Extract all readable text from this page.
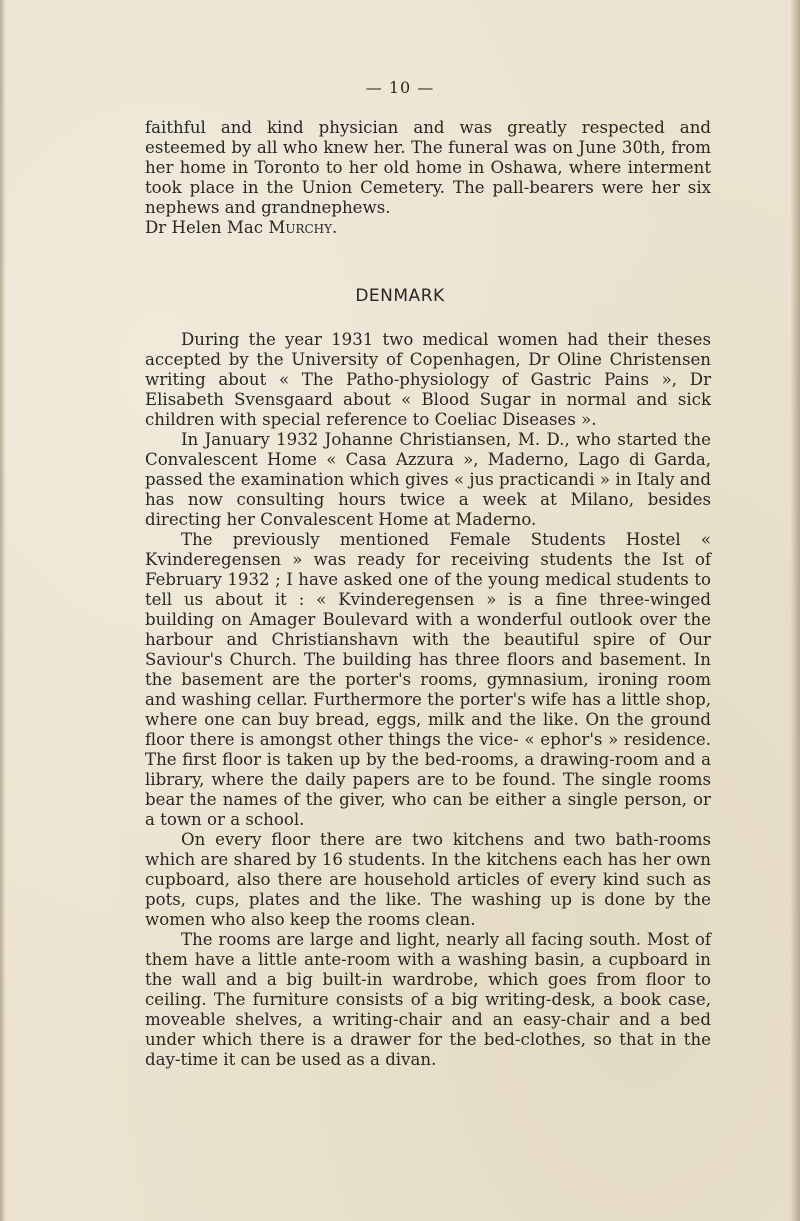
— 10 —

faithful and kind physician and was greatly respected and esteemed by all who knew her. The funeral was on June 30th, from her home in Toronto to her old home in Oshawa, where interment took place in the Union Cemetery. The pall-bearers were her six nephews and grandnephews.

Dr Helen Mac Murchy.

DENMARK

During the year 1931 two medical women had their theses accepted by the University of Copenhagen, Dr Oline Christensen writing about « The Patho-physiology of Gastric Pains », Dr Elisabeth Svensgaard about « Blood Sugar in normal and sick children with special reference to Coeliac Diseases ».

In January 1932 Johanne Christiansen, M. D., who started the Convalescent Home « Casa Azzura », Maderno, Lago di Garda, passed the examination which gives « jus practicandi » in Italy and has now consulting hours twice a week at Milano, besides directing her Convalescent Home at Maderno.

The previously mentioned Female Students Hostel « Kvinderegensen » was ready for receiving students the Ist of February 1932 ; I have asked one of the young medical students to tell us about it : « Kvinderegensen » is a fine three-winged building on Amager Boulevard with a wonderful outlook over the harbour and Christianshavn with the beautiful spire of Our Saviour's Church. The building has three floors and basement. In the basement are the porter's rooms, gymnasium, ironing room and washing cellar. Furthermore the porter's wife has a little shop, where one can buy bread, eggs, milk and the like. On the ground floor there is amongst other things the vice- « ephor's » residence. The first floor is taken up by the bed-rooms, a drawing-room and a library, where the daily papers are to be found. The single rooms bear the names of the giver, who can be either a single person, or a town or a school.

On every floor there are two kitchens and two bath-rooms which are shared by 16 students. In the kitchens each has her own cupboard, also there are household articles of every kind such as pots, cups, plates and the like. The washing up is done by the women who also keep the rooms clean.

The rooms are large and light, nearly all facing south. Most of them have a little ante-room with a washing basin, a cupboard in the wall and a big built-in wardrobe, which goes from floor to ceiling. The furniture consists of a big writing-desk, a book case, moveable shelves, a writing-chair and an easy-chair and a bed under which there is a drawer for the bed-clothes, so that in the day-time it can be used as a divan.
